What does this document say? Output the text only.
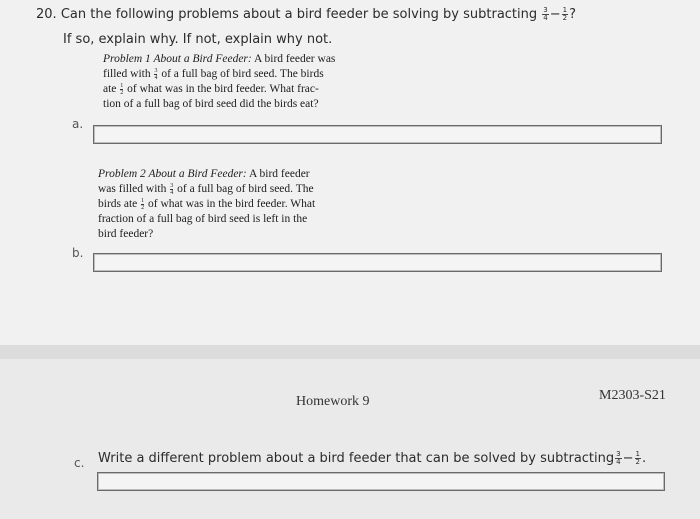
20. Can the following problems about a bird feeder be solving by subtracting $\frac{3}{4} - \frac{1}{2}$ ?
If so, explain why. If not, explain why not.
Problem 1 About a Bird Feeder: A bird feeder was
filled with $\frac{3}{4}$ of a full bag of bird seed. The birds
ate $\frac{1}{2}$ of what was in the bird feeder. What frac-
tion of a full bag of bird seed did the birds eat?
a.
Problem 2 About a Bird Feeder: A bird feeder
was filled with $\frac{3}{4}$ of a full bag of bird seed. The
birds ate $\frac{1}{2}$ of what was in the bird feeder. What
fraction of a full bag of bird seed is left in the
bird feeder?
b.
Homework 9	M2303-S21
c. Write a different problem about a bird feeder that can be solved by subtracting $\frac{3}{4} - \frac{1}{2}$ .
